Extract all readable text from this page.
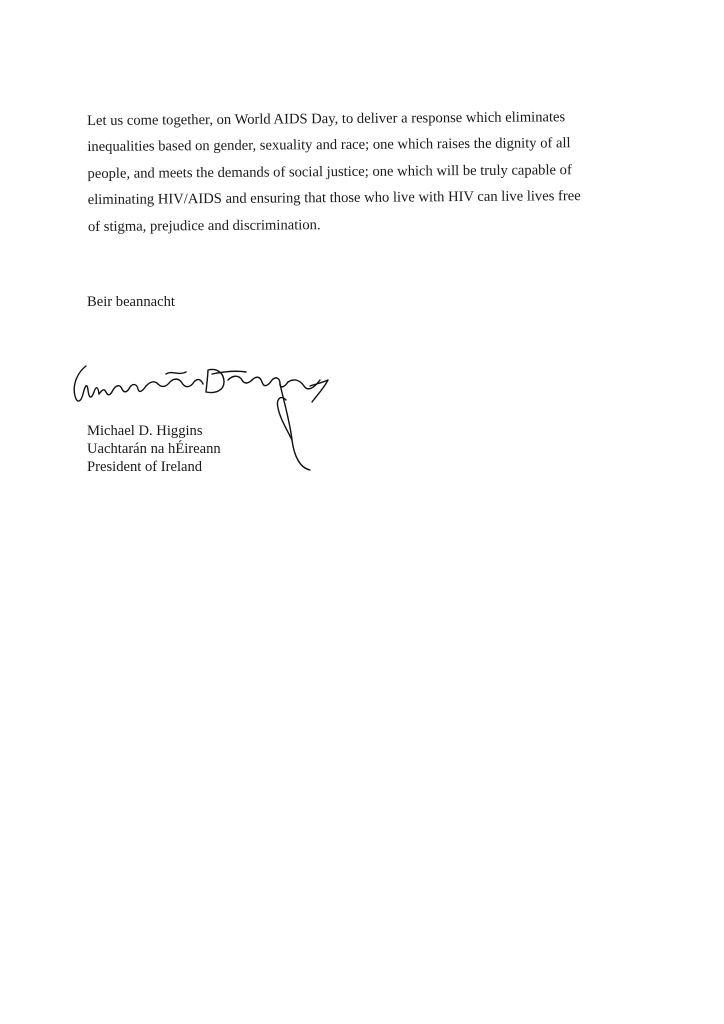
Let us come together, on World AIDS Day, to deliver a response which eliminates
inequalities based on gender, sexuality and race; one which raises the dignity of all
people, and meets the demands of social justice; one which will be truly capable of
eliminating HIV/AIDS and ensuring that those who live with HIV can live lives free
of stigma, prejudice and discrimination.
Beir beannacht
Michael D. Higgins
Uachtarán na hÉireann
President of Ireland
